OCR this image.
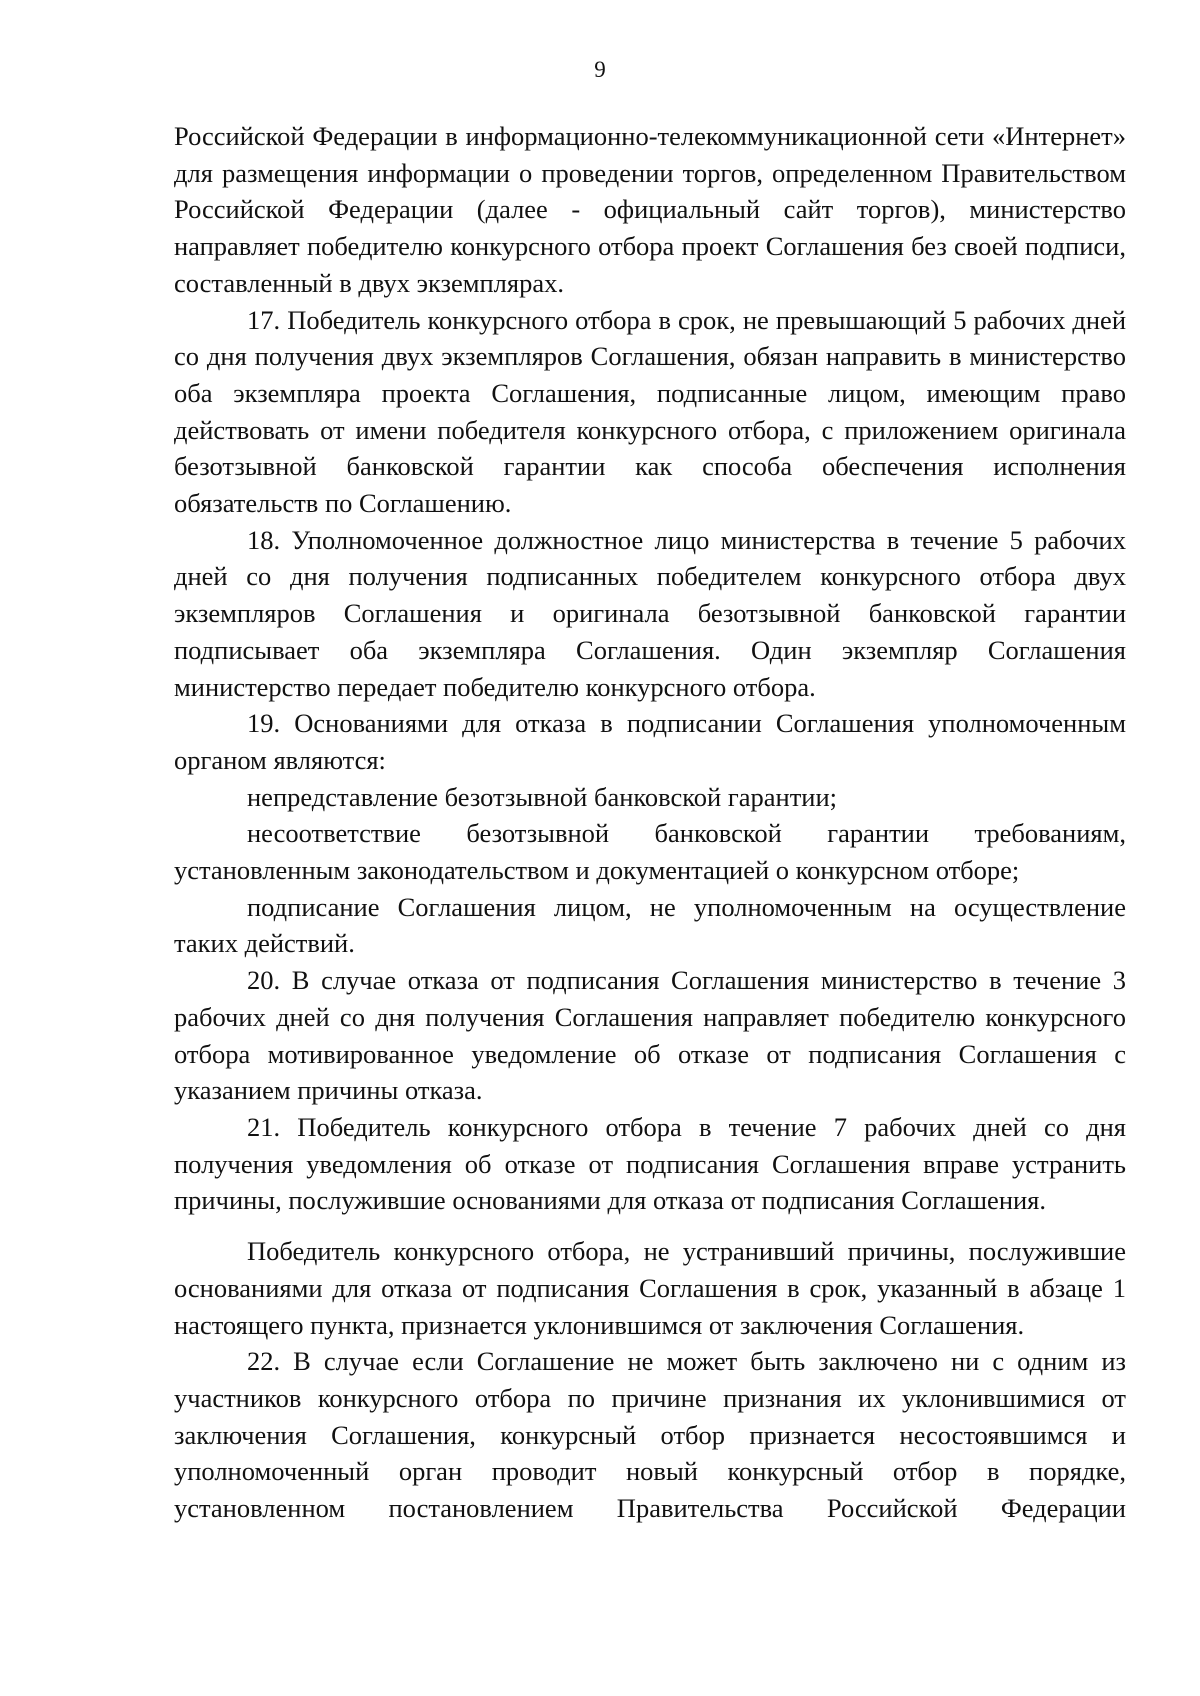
9

Российской Федерации в информационно-телекоммуникационной сети «Интернет» для размещения информации о проведении торгов, определенном Правительством Российской Федерации (далее - официальный сайт торгов), министерство направляет победителю конкурсного отбора проект Соглашения без своей подписи, составленный в двух экземплярах.

17. Победитель конкурсного отбора в срок, не превышающий 5 рабочих дней со дня получения двух экземпляров Соглашения, обязан направить в министерство оба экземпляра проекта Соглашения, подписанные лицом, имеющим право действовать от имени победителя конкурсного отбора, с приложением оригинала безотзывной банковской гарантии как способа обеспечения исполнения обязательств по Соглашению.

18. Уполномоченное должностное лицо министерства в течение 5 рабочих дней со дня получения подписанных победителем конкурсного отбора двух экземпляров Соглашения и оригинала безотзывной банковской гарантии подписывает оба экземпляра Соглашения. Один экземпляр Соглашения министерство передает победителю конкурсного отбора.

19. Основаниями для отказа в подписании Соглашения уполномоченным органом являются:

непредставление безотзывной банковской гарантии;

несоответствие безотзывной банковской гарантии требованиям, установленным законодательством и документацией о конкурсном отборе;

подписание Соглашения лицом, не уполномоченным на осуществление таких действий.

20. В случае отказа от подписания Соглашения министерство в течение 3 рабочих дней со дня получения Соглашения направляет победителю конкурсного отбора мотивированное уведомление об отказе от подписания Соглашения с указанием причины отказа.

21. Победитель конкурсного отбора в течение 7 рабочих дней со дня получения уведомления об отказе от подписания Соглашения вправе устранить причины, послужившие основаниями для отказа от подписания Соглашения.

Победитель конкурсного отбора, не устранивший причины, послужившие основаниями для отказа от подписания Соглашения в срок, указанный в абзаце 1 настоящего пункта, признается уклонившимся от заключения Соглашения.

22. В случае если Соглашение не может быть заключено ни с одним из участников конкурсного отбора по причине признания их уклонившимися от заключения Соглашения, конкурсный отбор признается несостоявшимся и уполномоченный орган проводит новый конкурсный отбор в порядке, установленном постановлением Правительства Российской Федерации
